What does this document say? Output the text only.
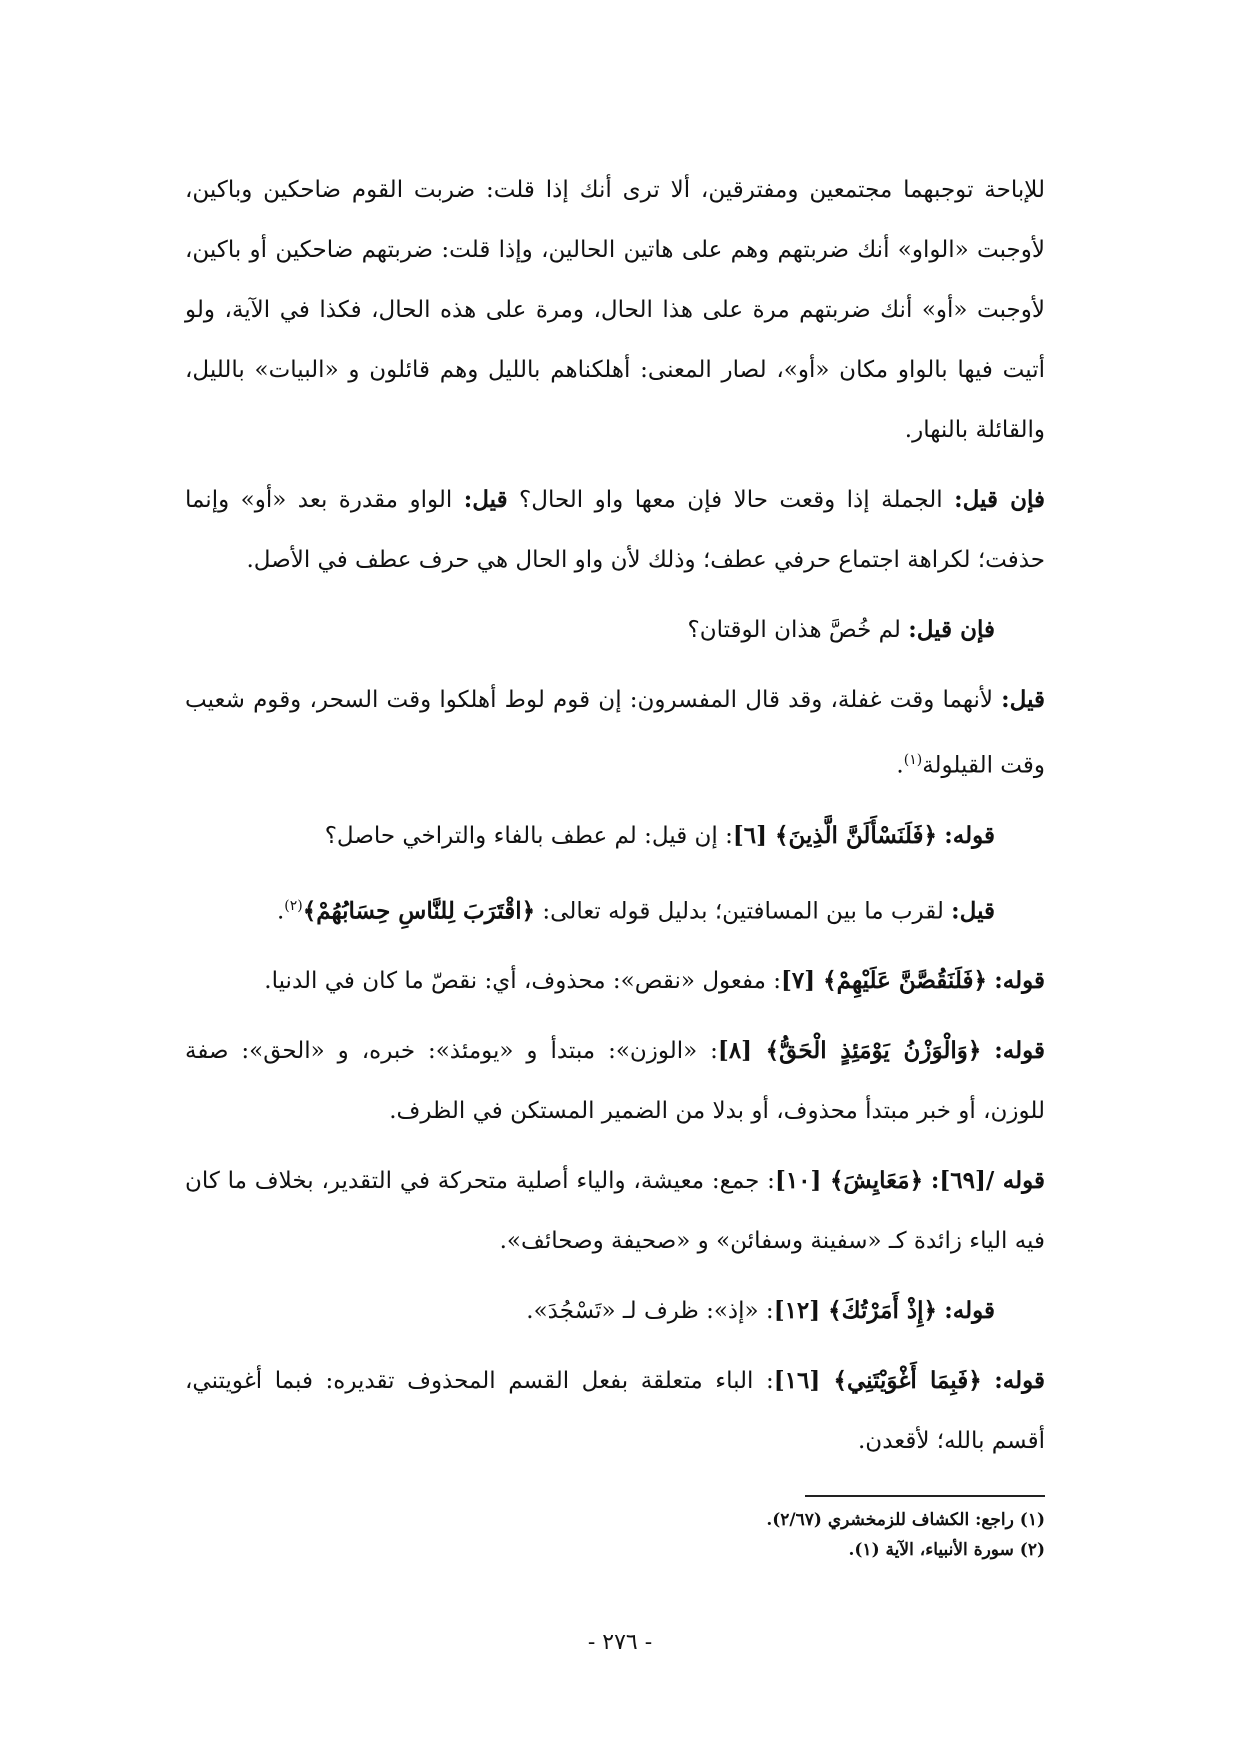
للإباحة توجبهما مجتمعين ومفترقين، ألا ترى أنك إذا قلت: ضربت القوم ضاحكين وباكين، لأوجبت «الواو» أنك ضربتهم وهم على هاتين الحالين، وإذا قلت: ضربتهم ضاحكين أو باكين، لأوجبت «أو» أنك ضربتهم مرة على هذا الحال، ومرة على هذه الحال، فكذا في الآية، ولو أتيت فيها بالواو مكان «أو»، لصار المعنى: أهلكناهم بالليل وهم قائلون و «البيات» بالليل، والقائلة بالنهار.

فإن قيل: الجملة إذا وقعت حالا فإن معها واو الحال؟ قيل: الواو مقدرة بعد «أو» وإنما حذفت؛ لكراهة اجتماع حرفي عطف؛ وذلك لأن واو الحال هي حرف عطف في الأصل.

فإن قيل: لم خُصَّ هذان الوقتان؟

قيل: لأنهما وقت غفلة، وقد قال المفسرون: إن قوم لوط أهلكوا وقت السحر، وقوم شعيب وقت القيلولة$^{(١)}$.

قوله: ﴿فَلَنَسْأَلَنَّ الَّذِينَ﴾ [٦]: إن قيل: لم عطف بالفاء والتراخي حاصل؟

قيل: لقرب ما بين المسافتين؛ بدليل قوله تعالى: ﴿اقْتَرَبَ لِلنَّاسِ حِسَابُهُمْ﴾$^{(٢)}$.

قوله: ﴿فَلَنَقُصَّنَّ عَلَيْهِمْ﴾ [٧]: مفعول «نقص»: محذوف، أي: نقصّ ما كان في الدنيا.

قوله: ﴿وَالْوَزْنُ يَوْمَئِذٍ الْحَقُّ﴾ [٨]: «الوزن»: مبتدأ و «يومئذ»: خبره، و «الحق»: صفة للوزن، أو خبر مبتدأ محذوف، أو بدلا من الضمير المستكن في الظرف.

قوله /[٦٩]: ﴿مَعَايِشَ﴾ [١٠]: جمع: معيشة، والياء أصلية متحركة في التقدير، بخلاف ما كان فيه الياء زائدة كـ «سفينة وسفائن» و «صحيفة وصحائف».

قوله: ﴿إِذْ أَمَرْتُكَ﴾ [١٢]: «إذ»: ظرف لـ «تَسْجُدَ».

قوله: ﴿فَبِمَا أَغْوَيْتَنِي﴾ [١٦]: الباء متعلقة بفعل القسم المحذوف تقديره: فبما أغويتني، أقسم بالله؛ لأقعدن.

(١) راجع: الكشاف للزمخشري (٢/٦٧).
(٢) سورة الأنبياء، الآية (١).
- ٢٧٦ -
